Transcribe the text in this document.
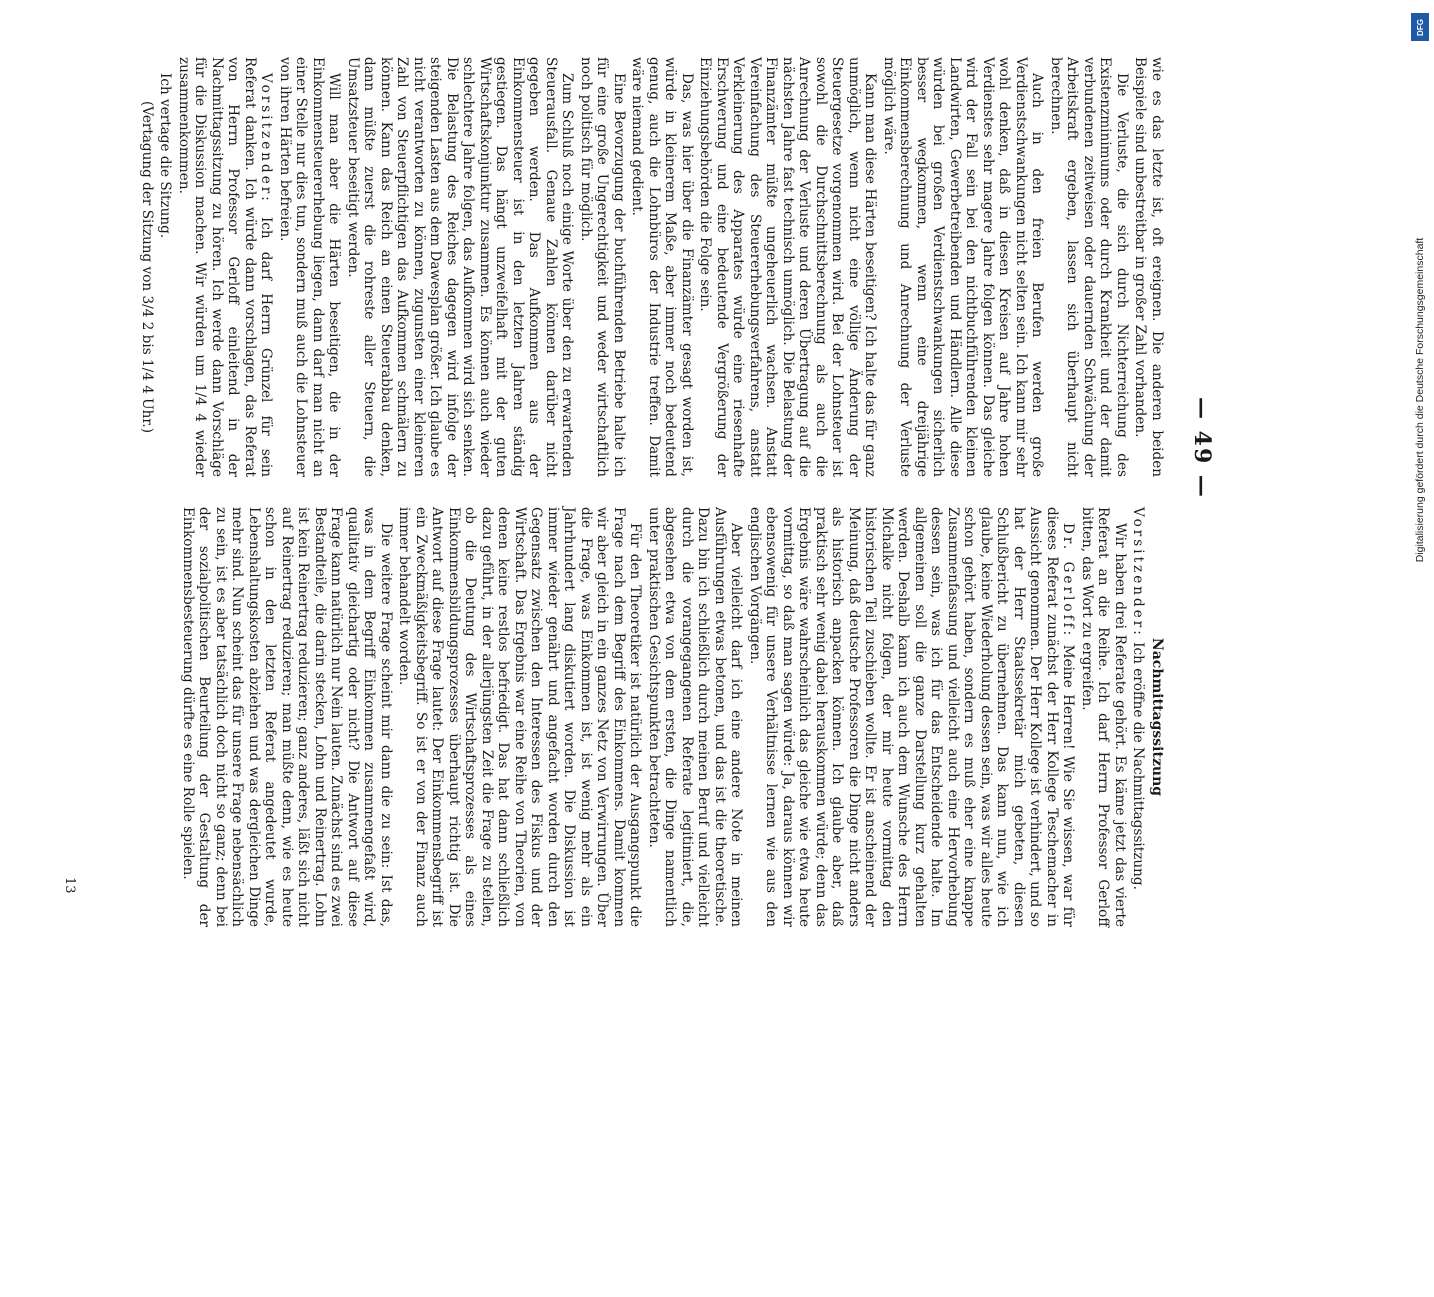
— 49 —

wie es das letzte ist, oft ereignen. Die anderen beiden Beispiele sind unbestreitbar in großer Zahl vorhanden.

Die Verluste, die sich durch Nichterreichung des Existenzminimums oder durch Krankheit und der damit verbundenen zeitweisen oder dauernden Schwächung der Arbeitskraft ergeben, lassen sich überhaupt nicht berechnen.

Auch in den freien Berufen werden große Verdienstschwankungen nicht selten sein. Ich kann mir sehr wohl denken, daß in diesen Kreisen auf Jahre hohen Verdienstes sehr magere Jahre folgen können. Das gleiche wird der Fall sein bei den nichtbuchführenden kleinen Landwirten, Gewerbetreibenden und Händlern. Alle diese würden bei großen Verdienstschwankungen sicherlich besser wegkommen, wenn eine dreijährige Einkommensberechnung und Anrechnung der Verluste möglich wäre.

Kann man diese Härten beseitigen? Ich halte das für ganz unmöglich, wenn nicht eine völlige Änderung der Steuergesetze vorgenommen wird. Bei der Lohnsteuer ist sowohl die Durchschnittsberechnung als auch die Anrechnung der Verluste und deren Übertragung auf die nächsten Jahre fast technisch unmöglich. Die Belastung der Finanzämter müßte ungeheuerlich wachsen. Anstatt Vereinfachung des Steuererhebungsverfahrens, anstatt Verkleinerung des Apparates würde eine riesenhafte Erschwerung und eine bedeutende Vergrößerung der Einziehungsbehörden die Folge sein.

Das, was hier über die Finanzämter gesagt worden ist, würde in kleinerem Maße, aber immer noch bedeutend genug, auch die Lohnbüros der Industrie treffen. Damit wäre niemand gedient.

Eine Bevorzugung der buchführenden Betriebe halte ich für eine große Ungerechtigkeit und weder wirtschaftlich noch politisch für möglich.

Zum Schluß noch einige Worte über den zu erwartenden Steuerausfall. Genaue Zahlen können darüber nicht gegeben werden. Das Aufkommen aus der Einkommensteuer ist in den letzten Jahren ständig gestiegen. Das hängt unzweifelhaft mit der guten Wirtschaftskonjunktur zusammen. Es können auch wieder schlechtere Jahre folgen, das Aufkommen wird sich senken. Die Belastung des Reiches dagegen wird infolge der steigenden Lasten aus dem Dawesplan größer. Ich glaube es nicht verantworten zu können, zugunsten einer kleineren Zahl von Steuerpflichtigen das Aufkommen schmälern zu können. Kann das Reich an einen Steuerabbau denken, dann müßte zuerst die rohreste aller Steuern, die Umsatzsteuer beseitigt werden.

Will man aber die Härten beseitigen, die in der Einkommensteuererhebung liegen, dann darf man nicht an einer Stelle nur dies tun, sondern muß auch die Lohnsteuer von ihren Härten befreien.

Vorsitzender: Ich darf Herrn Grünzel für sein Referat danken. Ich würde dann vorschlagen, das Referat von Herrn Professor Gerloff einleitend in der Nachmittagssitzung zu hören. Ich werde dann Vorschläge für die Diskussion machen. Wir würden um 1/4 4 wieder zusammenkommen.

Ich vertage die Sitzung.

(Vertagung der Sitzung von 3/4 2 bis 1/4 4 Uhr.)

Nachmittagssitzung

Vorsitzender: Ich eröffne die Nachmittagssitzung.

Wir haben drei Referate gehört. Es käme jetzt das vierte Referat an die Reihe. Ich darf Herrn Professor Gerloff bitten, das Wort zu ergreifen.

Dr. Gerloff: Meine Herren! Wie Sie wissen, war für dieses Referat zunächst der Herr Kollege Teschemacher in Aussicht genommen. Der Herr Kollege ist verhindert, und so hat der Herr Staatssekretär mich gebeten, diesen Schlußbericht zu übernehmen. Das kann nun, wie ich glaube, keine Wiederholung dessen sein, was wir alles heute schon gehört haben, sondern es muß eher eine knappe Zusammenfassung und vielleicht auch eine Hervorhebung dessen sein, was ich für das Entscheidende halte. Im allgemeinen soll die ganze Darstellung kurz gehalten werden. Deshalb kann ich auch dem Wunsche des Herrn Michalke nicht folgen, der mir heute vormittag den historischen Teil zuschieben wollte. Er ist anscheinend der Meinung, daß deutsche Professoren die Dinge nicht anders als historisch anpacken können. Ich glaube aber, daß praktisch sehr wenig dabei herauskommen würde; denn das Ergebnis wäre wahrscheinlich das gleiche wie etwa heute vormittag, so daß man sagen würde: Ja, daraus können wir ebensowenig für unsere Verhältnisse lernen wie aus den englischen Vorgängen.

Aber vielleicht darf ich eine andere Note in meinen Ausführungen etwas betonen, und das ist die theoretische. Dazu bin ich schließlich durch meinen Beruf und vielleicht durch die vorangegangenen Referate legitimiert, die, abgesehen etwa von dem ersten, die Dinge namentlich unter praktischen Gesichtspunkten betrachteten.

Für den Theoretiker ist natürlich der Ausgangspunkt die Frage nach dem Begriff des Einkommens. Damit kommen wir aber gleich in ein ganzes Netz von Verwirrungen. Über die Frage, was Einkommen ist, ist wenig mehr als ein Jahrhundert lang diskutiert worden. Die Diskussion ist immer wieder genährt und angefacht worden durch den Gegensatz zwischen den Interessen des Fiskus und der Wirtschaft. Das Ergebnis war eine Reihe von Theorien, von denen keine restlos befriedigt. Das hat dann schließlich dazu geführt, in der allerjüngsten Zeit die Frage zu stellen, ob die Deutung des Wirtschaftsprozesses als eines Einkommensbildungsprozesses überhaupt richtig ist. Die Antwort auf diese Frage lautet: Der Einkommensbegriff ist ein Zweckmäßigkeitsbegriff. So ist er von der Finanz auch immer behandelt worden.

Die weitere Frage scheint mir dann die zu sein: Ist das, was in dem Begriff Einkommen zusammengefaßt wird, qualitativ gleichartig oder nicht? Die Antwort auf diese Frage kann natürlich nur Nein lauten. Zunächst sind es zwei Bestandteile, die darin stecken, Lohn und Reinertrag. Lohn ist kein Reinertrag reduzieren; ganz anderes, läßt sich nicht auf Reinertrag reduzieren; man müßte denn, wie es heute schon in den letzten Referat angedeutet wurde, Lebenshaltungskosten abziehen und was dergleichen Dinge mehr sind. Nun scheint das für unsere Frage nebensächlich zu sein, ist es aber tatsächlich doch nicht so ganz; denn bei der sozialpolitischen Beurteilung der Gestaltung der Einkommensbesteuerung dürfte es eine Rolle spielen.

13
DFG
Digitalisierung gefördert durch die Deutsche Forschungsgemeinschaft
